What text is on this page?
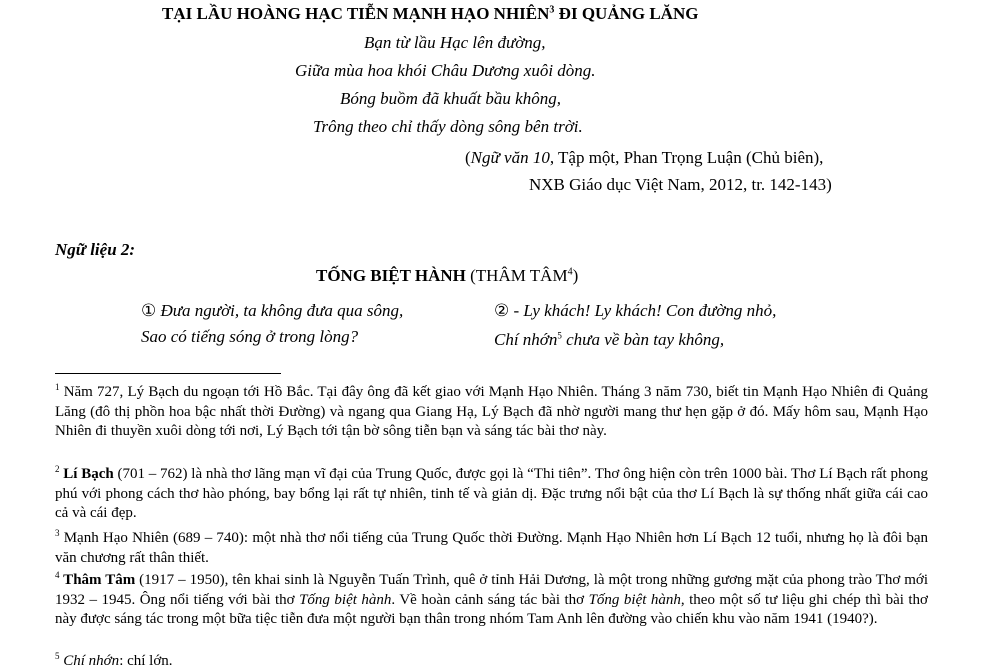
TẠI LẦU HOÀNG HẠC TIỄN MẠNH HẠO NHIÊN$^3$ ĐI QUẢNG LĂNG
Bạn từ lầu Hạc lên đường,
Giữa mùa hoa khói Châu Dương xuôi dòng.
Bóng buồm đã khuất bầu không,
Trông theo chỉ thấy dòng sông bên trời.
(Ngữ văn 10, Tập một, Phan Trọng Luận (Chủ biên),
NXB Giáo dục Việt Nam, 2012, tr. 142-143)
Ngữ liệu 2:
TỐNG BIỆT HÀNH (THÂM TÂM$^4$)
① Đưa người, ta không đưa qua sông,
Sao có tiếng sóng ở trong lòng?
② - Ly khách! Ly khách! Con đường nhỏ,
Chí nhớn$^5$ chưa về bàn tay không,
$^1$ Năm 727, Lý Bạch du ngoạn tới Hồ Bắc. Tại đây ông đã kết giao với Mạnh Hạo Nhiên. Tháng 3 năm 730, biết tin Mạnh Hạo Nhiên đi Quảng Lăng (đô thị phồn hoa bậc nhất thời Đường) và ngang qua Giang Hạ, Lý Bạch đã nhờ người mang thư hẹn gặp ở đó. Mấy hôm sau, Mạnh Hạo Nhiên đi thuyền xuôi dòng tới nơi, Lý Bạch tới tận bờ sông tiễn bạn và sáng tác bài thơ này.
$^2$ Lí Bạch (701 – 762) là nhà thơ lãng mạn vĩ đại của Trung Quốc, được gọi là “Thi tiên”. Thơ ông hiện còn trên 1000 bài. Thơ Lí Bạch rất phong phú với phong cách thơ hào phóng, bay bổng lại rất tự nhiên, tinh tế và giản dị. Đặc trưng nổi bật của thơ Lí Bạch là sự thống nhất giữa cái cao cả và cái đẹp.
$^3$ Mạnh Hạo Nhiên (689 – 740): một nhà thơ nổi tiếng của Trung Quốc thời Đường. Mạnh Hạo Nhiên hơn Lí Bạch 12 tuổi, nhưng họ là đôi bạn văn chương rất thân thiết.
$^4$ Thâm Tâm (1917 – 1950), tên khai sinh là Nguyễn Tuấn Trình, quê ở tỉnh Hải Dương, là một trong những gương mặt của phong trào Thơ mới 1932 – 1945. Ông nổi tiếng với bài thơ Tống biệt hành. Về hoàn cảnh sáng tác bài thơ Tống biệt hành, theo một số tư liệu ghi chép thì bài thơ này được sáng tác trong một bữa tiệc tiễn đưa một người bạn thân trong nhóm Tam Anh lên đường vào chiến khu vào năm 1941 (1940?).
$^5$ Chí nhớn: chí lớn.
